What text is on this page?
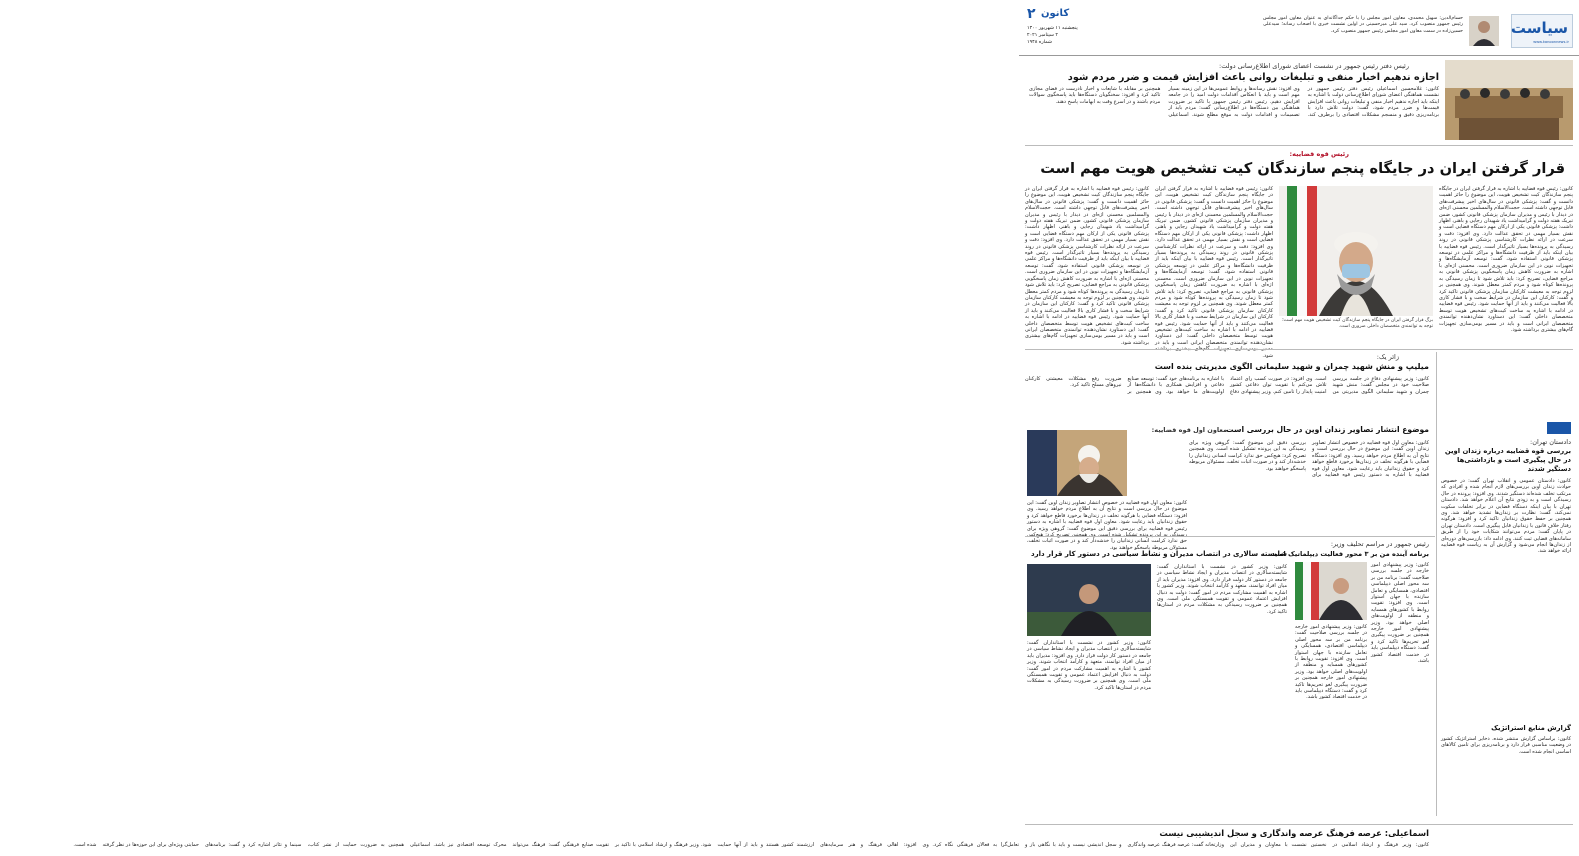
سیاست
www.kanoonnews.ir
حسام‌الدین: سهیل محمدی، معاون امور مجلس را با حکم جداگانه‌ای به عنوان معاون امور مجلس رئیس جمهور منصوب کرد. سید علی میرحسینی در اولین نشست خبری با اصحاب رسانه؛ سیدعلی حسین‌زاده در سمت معاون امور مجلس رئیس جمهور منصوب کرد.
۲ کانون
پنجشنبه ۱۱ شهریور ۱۴۰۰
۲ سپتامبر ۲۰۲۱
شماره ۱۹۴۸
رئیس دفتر رئیس جمهور در نشست اعضای شورای اطلاع‌رسانی دولت:
اجازه ندهیم اخبار منفی و تبلیغات روانی باعث افزایش قیمت و ضرر مردم شود
کانون: غلامحسین اسماعیلی رئیس دفتر رئیس جمهور در نشست هماهنگی اعضای شورای اطلاع‌رسانی دولت با اشاره به اینکه باید اجازه ندهیم اخبار منفی و تبلیغات روانی باعث افزایش قیمت‌ها و ضرر مردم شود، گفت: دولت تلاش دارد با برنامه‌ریزی دقیق و منسجم مشکلات اقتصادی را برطرف کند. وی افزود: نقش رسانه‌ها و روابط عمومی‌ها در این زمینه بسیار مهم است و باید با انعکاس اقدامات دولت امید را در جامعه افزایش دهیم. رئیس دفتر رئیس جمهور با تاکید بر ضرورت هماهنگی بین دستگاه‌ها در اطلاع‌رسانی گفت: مردم باید از تصمیمات و اقدامات دولت به موقع مطلع شوند. اسماعیلی همچنین بر مقابله با شایعات و اخبار نادرست در فضای مجازی تاکید کرد و افزود: سخنگویان دستگاه‌ها باید پاسخگوی سوالات مردم باشند و در اسرع وقت به ابهامات پاسخ دهند.
رئیس قوه قضاییه:
قرار گرفتن ایران در جایگاه پنجم سازندگان کیت تشخیص هویت مهم است
کانون: رئیس قوه قضاییه با اشاره به قرار گرفتن ایران در جایگاه پنجم سازندگان کیت تشخیص هویت، این موضوع را حائز اهمیت دانست و گفت: پزشکی قانونی در سال‌های اخیر پیشرفت‌های قابل توجهی داشته است. حجت‌الاسلام والمسلمین محسنی اژه‌ای در دیدار با رئیس و مدیران سازمان پزشکی قانونی کشور، ضمن تبریک هفته دولت و گرامیداشت یاد شهیدان رجایی و باهنر، اظهار داشت: پزشکی قانونی یکی از ارکان مهم دستگاه قضایی است و نقش بسیار مهمی در تحقق عدالت دارد. وی افزود: دقت و سرعت در ارائه نظرات کارشناسی پزشکی قانونی در روند رسیدگی به پرونده‌ها بسیار تاثیرگذار است. رئیس قوه قضاییه با بیان اینکه باید از ظرفیت دانشگاه‌ها و مراکز علمی در توسعه پزشکی قانونی استفاده شود، گفت: توسعه آزمایشگاه‌ها و تجهیزات نوین در این سازمان ضروری است. محسنی اژه‌ای با اشاره به ضرورت کاهش زمان پاسخگویی پزشکی قانونی به مراجع قضایی، تصریح کرد: باید تلاش شود تا زمان رسیدگی به پرونده‌ها کوتاه شود و مردم کمتر معطل شوند. وی همچنین بر لزوم توجه به معیشت کارکنان سازمان پزشکی قانونی تاکید کرد و گفت: کارکنان این سازمان در شرایط سخت و با فشار کاری بالا فعالیت می‌کنند و باید از آنها حمایت شود. رئیس قوه قضاییه در ادامه با اشاره به ساخت کیت‌های تشخیص هویت توسط متخصصان داخلی گفت: این دستاورد نشان‌دهنده توانمندی متخصصان ایرانی است و باید در مسیر بومی‌سازی تجهیزات گام‌های بیشتری برداشته شود.
برگ قرار گرفتن ایران در جایگاه پنجم سازندگان کیت تشخیص هویت مهم است؛ توجه به توانمندی متخصصان داخلی ضروری است.
کانون: رئیس قوه قضاییه با اشاره به قرار گرفتن ایران در جایگاه پنجم سازندگان کیت تشخیص هویت، این موضوع را حائز اهمیت دانست و گفت: پزشکی قانونی در سال‌های اخیر پیشرفت‌های قابل توجهی داشته است. حجت‌الاسلام والمسلمین محسنی اژه‌ای در دیدار با رئیس و مدیران سازمان پزشکی قانونی کشور، ضمن تبریک هفته دولت و گرامیداشت یاد شهیدان رجایی و باهنر، اظهار داشت: پزشکی قانونی یکی از ارکان مهم دستگاه قضایی است و نقش بسیار مهمی در تحقق عدالت دارد. وی افزود: دقت و سرعت در ارائه نظرات کارشناسی پزشکی قانونی در روند رسیدگی به پرونده‌ها بسیار تاثیرگذار است. رئیس قوه قضاییه با بیان اینکه باید از ظرفیت دانشگاه‌ها و مراکز علمی در توسعه پزشکی قانونی استفاده شود، گفت: توسعه آزمایشگاه‌ها و تجهیزات نوین در این سازمان ضروری است. محسنی اژه‌ای با اشاره به ضرورت کاهش زمان پاسخگویی پزشکی قانونی به مراجع قضایی، تصریح کرد: باید تلاش شود تا زمان رسیدگی به پرونده‌ها کوتاه شود و مردم کمتر معطل شوند. وی همچنین بر لزوم توجه به معیشت کارکنان سازمان پزشکی قانونی تاکید کرد و گفت: کارکنان این سازمان در شرایط سخت و با فشار کاری بالا فعالیت می‌کنند و باید از آنها حمایت شود. رئیس قوه قضاییه در ادامه با اشاره به ساخت کیت‌های تشخیص هویت توسط متخصصان داخلی گفت: این دستاورد نشان‌دهنده توانمندی متخصصان ایرانی است و باید در شود.
کانون: رئیس قوه قضاییه با اشاره به قرار گرفتن ایران در جایگاه پنجم سازندگان کیت تشخیص هویت، این موضوع را حائز اهمیت دانست و گفت: پزشکی قانونی در سال‌های اخیر پیشرفت‌های قابل توجهی داشته است. حجت‌الاسلام والمسلمین محسنی اژه‌ای در دیدار با رئیس و مدیران سازمان پزشکی قانونی کشور، ضمن تبریک هفته دولت و گرامیداشت یاد شهیدان رجایی و باهنر، اظهار داشت: پزشکی قانونی یکی از ارکان مهم دستگاه قضایی است و نقش بسیار مهمی در تحقق عدالت دارد. وی افزود: دقت و سرعت در ارائه نظرات کارشناسی پزشکی قانونی در روند رسیدگی به پرونده‌ها بسیار تاثیرگذار است. رئیس قوه قضاییه با بیان اینکه باید از ظرفیت دانشگاه‌ها و مراکز علمی در توسعه پزشکی قانونی استفاده شود، گفت: توسعه آزمایشگاه‌ها و تجهیزات نوین در این سازمان ضروری است. محسنی اژه‌ای با اشاره به ضرورت کاهش زمان پاسخگویی پزشکی قانونی به مراجع قضایی، تصریح کرد: باید تلاش شود تا زمان رسیدگی به پرونده‌ها کوتاه شود و مردم کمتر معطل شوند. وی همچنین بر لزوم توجه به معیشت کارکنان سازمان پزشکی قانونی تاکید کرد و گفت: کارکنان این سازمان در شرایط سخت و با فشار کاری بالا فعالیت می‌کنند و باید از آنها حمایت شود. رئیس قوه قضاییه در ادامه با اشاره به ساخت کیت‌های تشخیص هویت توسط متخصصان داخلی گفت: این دستاورد نشان‌دهنده توانمندی متخصصان ایرانی است و باید در مسیر بومی‌سازی تجهیزات گام‌های بیشتری برداشته شود.
زائر یک:
میلیپ و منش شهید چمران و شهید سلیمانی الگوی مدیریتی بنده است
کانون: وزیر پیشنهادی دفاع در جلسه بررسی صلاحیت خود در مجلس گفت: منش شهید چمران و شهید سلیمانی الگوی مدیریتی من است. وی افزود: در صورت کسب رای اعتماد تلاش می‌کنم با تقویت توان دفاعی کشور امنیت پایدار را تامین کنم. وزیر پیشنهادی دفاع با اشاره به برنامه‌های خود گفت: توسعه صنایع دفاعی و افزایش همکاری با دانشگاه‌ها از اولویت‌های ما خواهد بود. وی همچنین بر ضرورت رفع مشکلات معیشتی کارکنان نیروهای مسلح تاکید کرد.
دادستان تهران:
بررسی قوه قضاییه درباره زندان اوین در حال پیگیری است و بازداشتی‌ها دستگیر شدند
کانون: دادستان عمومی و انقلاب تهران گفت: در خصوص حوادث زندان اوین بررسی‌های لازم انجام شده و افرادی که مرتکب تخلف شده‌اند دستگیر شدند. وی افزود: پرونده در حال رسیدگی است و به زودی نتایج آن اعلام خواهد شد. دادستان تهران با بیان اینکه دستگاه قضایی در برابر تخلفات سکوت نمی‌کند، گفت: نظارت بر زندان‌ها تشدید خواهد شد. وی همچنین بر حفظ حقوق زندانیان تاکید کرد و افزود: هرگونه رفتار خلاف قانون با زندانیان قابل پیگیری است. دادستان تهران در پایان گفت: مردم می‌توانند شکایات خود را از طریق سامانه‌های قضایی ثبت کنند. وی ادامه داد: بازرسی‌های دوره‌ای از زندان‌ها انجام می‌شود و گزارش آن به ریاست قوه قضاییه ارائه خواهد شد.
گزارش منابع استراتژیک
کانون: براساس گزارش منتشر شده، ذخایر استراتژیک کشور در وضعیت مناسبی قرار دارد و برنامه‌ریزی برای تامین کالاهای اساسی انجام شده است.
موضوع انتشار تصاویر زندان اوین در حال بررسی است
معاون اول قوه قضاییه:
کانون: معاون اول قوه قضاییه در خصوص انتشار تصاویر زندان اوین گفت: این موضوع در حال بررسی است و نتایج آن به اطلاع مردم خواهد رسید. وی افزود: دستگاه قضایی با هرگونه تخلف در زندان‌ها برخورد قاطع خواهد کرد و حقوق زندانیان باید رعایت شود. معاون اول قوه قضاییه با اشاره به دستور رئیس قوه قضاییه برای بررسی دقیق این موضوع گفت: گروهی ویژه برای رسیدگی به این پرونده تشکیل شده است. وی همچنین تصریح کرد: هیچ‌کس حق ندارد کرامت انسانی زندانیان را خدشه‌دار کند و در صورت اثبات تخلف، مسئولان مربوطه پاسخگو خواهند بود.
کانون: معاون اول قوه قضاییه در خصوص انتشار تصاویر زندان اوین گفت: این موضوع در حال بررسی است و نتایج آن به اطلاع مردم خواهد رسید. وی افزود: دستگاه قضایی با هرگونه تخلف در زندان‌ها برخورد قاطع خواهد کرد و حقوق زندانیان باید رعایت شود. معاون اول قوه قضاییه با اشاره به دستور رئیس قوه قضاییه برای بررسی دقیق این موضوع گفت: گروهی ویژه برای حق ندارد کرامت انسانی زندانیان را خدشه‌دار کند و در صورت اثبات تخلف، مسئولان مربوطه پاسخگو خواهند بود.	رئیس جمهور در مراسم تحلیف وزیر:
برنامه آینده من بر ۳ محور فعالیت دیپلماتیک است
کانون: وزیر پیشنهادی امور خارجه در جلسه بررسی صلاحیت گفت: برنامه من بر سه محور اصلی دیپلماسی اقتصادی، همسایگی و تعامل سازنده با جهان استوار است. وی افزود: تقویت روابط با کشورهای همسایه و منطقه از اولویت‌های اصلی خواهد بود. وزیر پیشنهادی امور خارجه همچنین بر ضرورت پیگیری لغو تحریم‌ها تاکید کرد و گفت: دستگاه دیپلماسی باید در خدمت اقتصاد کشور باشد.
کانون: وزیر پیشنهادی امور خارجه در جلسه بررسی صلاحیت گفت: برنامه من بر سه محور اصلی دیپلماسی اقتصادی، همسایگی و تعامل سازنده با جهان استوار است. وی افزود: تقویت روابط با کشورهای همسایه و منطقه از اولویت‌های اصلی خواهد بود. وزیر پیشنهادی امور خارجه همچنین بر ضرورت پیگیری لغو تحریم‌ها تاکید کرد و گفت: دستگاه دیپلماسی باید در خدمت اقتصاد کشور باشد.
شایسته سالاری در انتصاب مدیران و نشاط سیاسی در دستور کار قرار دارد
کانون: وزیر کشور در نشست با استانداران گفت: شایسته‌سالاری در انتصاب مدیران و ایجاد نشاط سیاسی در جامعه در دستور کار دولت قرار دارد. وی افزود: مدیران باید از میان افراد توانمند، متعهد و کارآمد انتخاب شوند. وزیر کشور با اشاره به اهمیت مشارکت مردم در امور گفت: دولت به دنبال افزایش اعتماد عمومی و تقویت همبستگی ملی است. وی همچنین بر ضرورت رسیدگی به مشکلات مردم در استان‌ها تاکید کرد.
کانون: وزیر کشور در نشست با استانداران گفت: شایسته‌سالاری در انتصاب مدیران و ایجاد نشاط سیاسی در جامعه در دستور کار دولت قرار دارد. وی افزود: مدیران باید از میان افراد توانمند، متعهد و کارآمد انتخاب شوند. وزیر کشور با اشاره به اهمیت مشارکت مردم در امور گفت: دولت به دنبال افزایش اعتماد عمومی و تقویت همبستگی ملی است. وی همچنین بر ضرورت رسیدگی به مشکلات مردم در استان‌ها تاکید کرد.
اسماعیلی: عرصه فرهنگ عرصه واندگاری و سجل اندیشیبی نیست
کانون: وزیر فرهنگ و ارشاد اسلامی در نخستین نشست با معاونان و مدیران این وزارتخانه گفت: عرصه فرهنگ عرصه واندگاری و سجل اندیشی نیست و باید با نگاهی باز و تعامل‌گرا به فعالان فرهنگی نگاه کرد. وی افزود: اهالی فرهنگ و هنر سرمایه‌های ارزشمند کشور هستند و باید از آنها حمایت شود. وزیر فرهنگ و ارشاد اسلامی با تاکید بر تقویت صنایع فرهنگی گفت: فرهنگ می‌تواند محرک توسعه اقتصادی نیز باشد. اسماعیلی همچنین به ضرورت حمایت از نشر کتاب، سینما و تئاتر اشاره کرد و گفت: برنامه‌های حمایتی ویژه‌ای برای این حوزه‌ها در نظر گرفته شده است.
